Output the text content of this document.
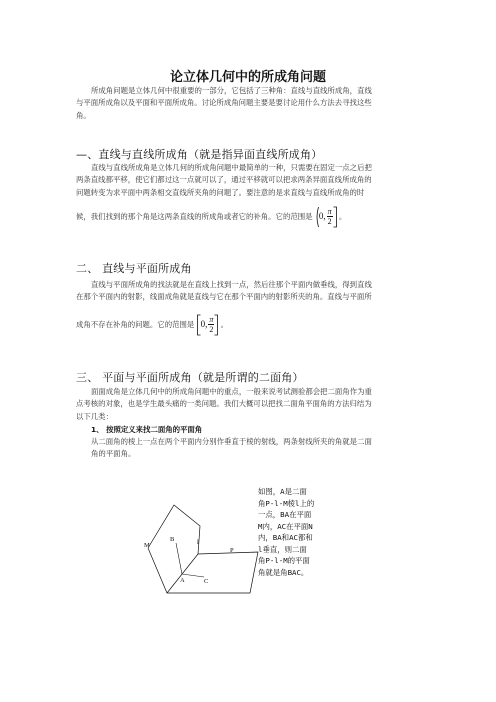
论立体几何中的所成角问题
所成角问题是立体几何中很重要的一部分，它包括了三种角：直线与直线所成角，直线
与平面所成角以及平面和平面所成角。讨论所成角问题主要是要讨论用什么方法去寻找这些
角。
—、直线与直线所成角（就是指异面直线所成角）
直线与直线所成角是立体几何的所成角问题中最简单的一种，只需要在固定一点之后把
两条直线都平移，使它们都过这一点就可以了，通过平移就可以把求两条异面直线所成角的
问题转变为求平面中两条相交直线所夹角的问题了。要注意的是求直线与直线所成角的时
候，我们找到的那个角是这两条直线的所成角或者它的补角。它的范围是 0, $\frac{\pi}{2}$ 。
二、 直线与平面所成角
直线与平面所成角的找法就是在直线上找到一点，然后往那个平面内做垂线，得到直线
在那个平面内的射影，线面成角就是直线与它在那个平面内的射影所夹的角。直线与平面所
成角不存在补角的问题。它的范围是 0, $\frac{\pi}{2}$ 。
三、 平面与平面所成角（就是所谓的二面角）
面面成角是立体几何中的所成角问题中的重点，一般来说考试测验都会把二面角作为重
点考核的对象，也是学生最头痛的一类问题。我们大概可以把找二面角平面角的方法归结为
以下几类：
1、 按照定义来找二面角的平面角
从二面角的棱上一点在两个平面内分别作垂直于棱的射线，两条射线所夹的角就是二面
角的平面角。
M
B	l
A	C
P
如图，A是二面
角P-l-M棱l上的
一点，BA在平面
M内，AC在平面N
内，BA和AC都和
l垂直，则二面
角P-l-M的平面
角就是角BAC。
